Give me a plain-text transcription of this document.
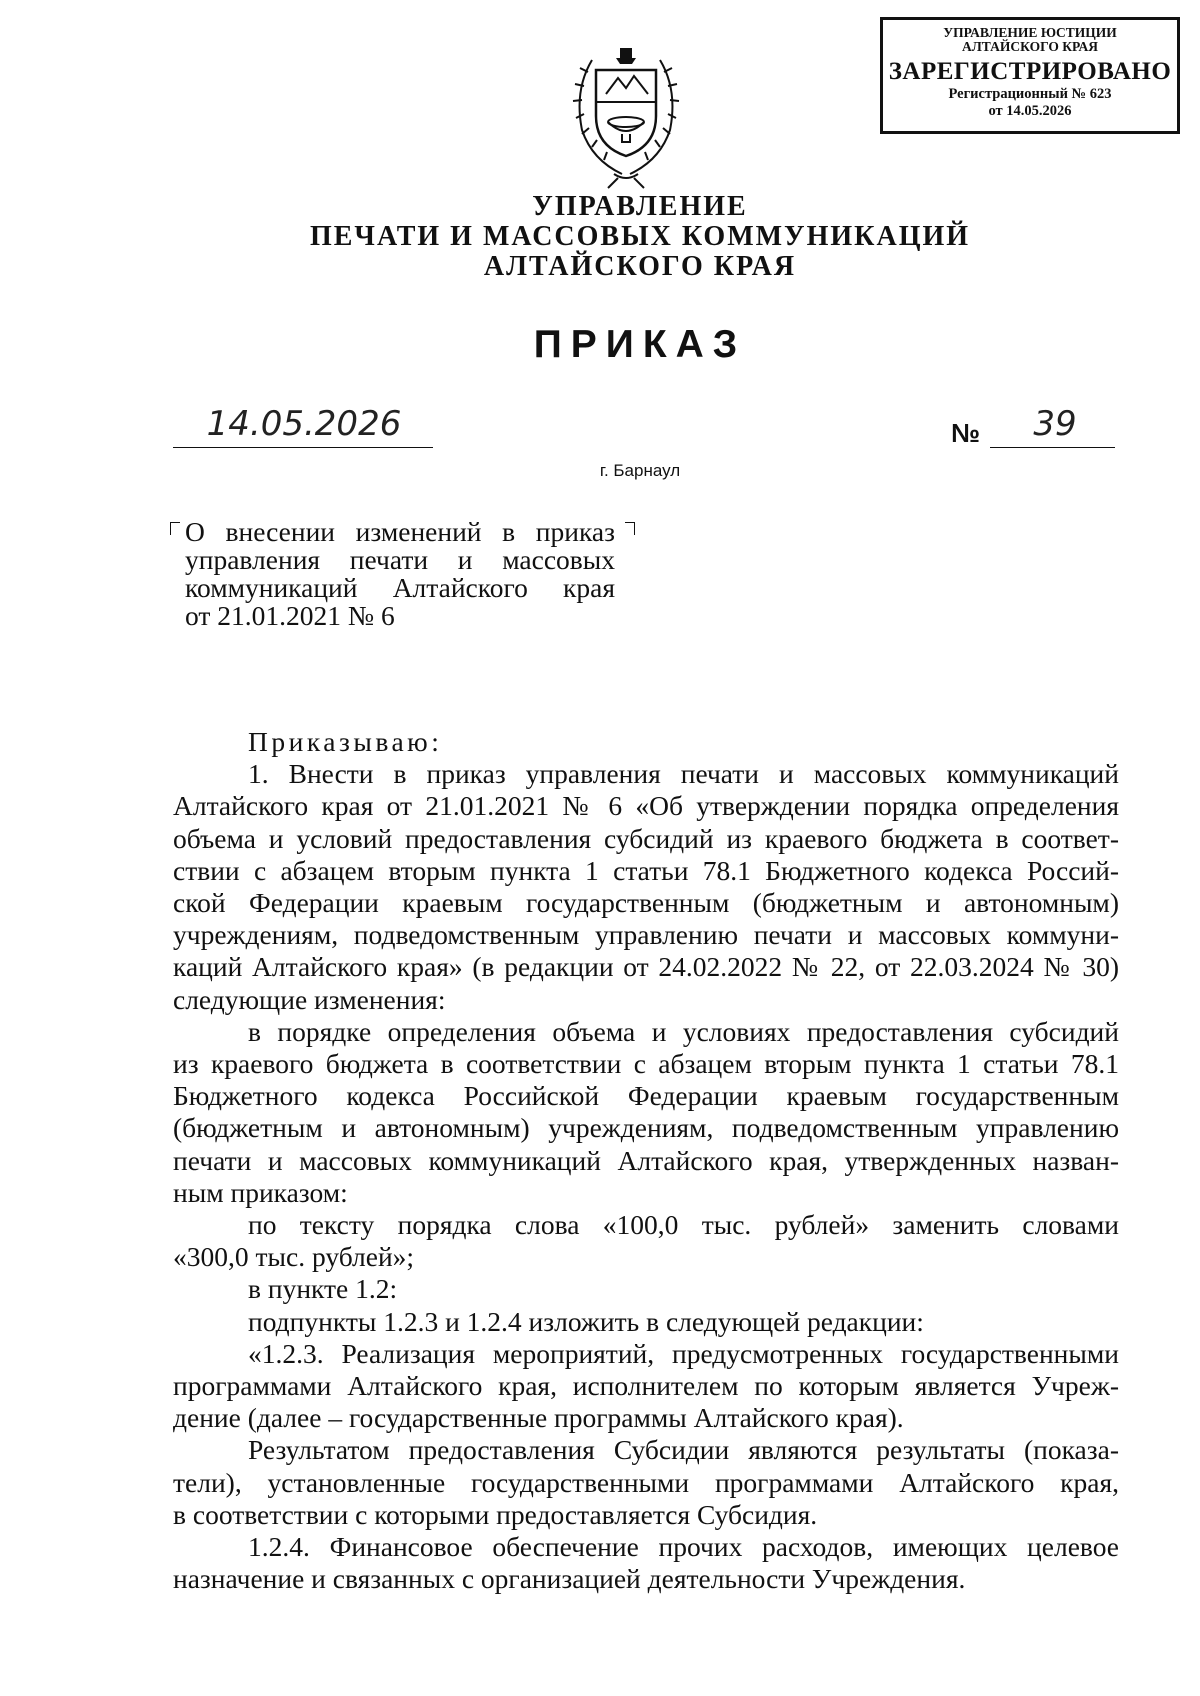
УПРАВЛЕНИЕ ЮСТИЦИИ
АЛТАЙСКОГО КРАЯ
ЗАРЕГИСТРИРОВАНО
Регистрационный № 623
от 14.05.2026
УПРАВЛЕНИЕ
ПЕЧАТИ И МАССОВЫХ КОММУНИКАЦИЙ
АЛТАЙСКОГО КРАЯ
ПРИКАЗ
14.05.2026	№	39
г. Барнаул
О внесении изменений в приказ
управления печати и массовых
коммуникаций Алтайского края
от 21.01.2021 № 6
Приказываю:
1. Внести в приказ управления печати и массовых коммуникаций
Алтайского края от 21.01.2021 № 6 «Об утверждении порядка определения
объема и условий предоставления субсидий из краевого бюджета в соответ-
ствии с абзацем вторым пункта 1 статьи 78.1 Бюджетного кодекса Россий-
ской Федерации краевым государственным (бюджетным и автономным)
учреждениям, подведомственным управлению печати и массовых коммуни-
каций Алтайского края» (в редакции от 24.02.2022 № 22, от 22.03.2024 № 30)
следующие изменения:
в порядке определения объема и условиях предоставления субсидий
из краевого бюджета в соответствии с абзацем вторым пункта 1 статьи 78.1
Бюджетного кодекса Российской Федерации краевым государственным
(бюджетным и автономным) учреждениям, подведомственным управлению
печати и массовых коммуникаций Алтайского края, утвержденных назван-
ным приказом:
по тексту порядка слова «100,0 тыс. рублей» заменить словами
«300,0 тыс. рублей»;
в пункте 1.2:
подпункты 1.2.3 и 1.2.4 изложить в следующей редакции:
«1.2.3. Реализация мероприятий, предусмотренных государственными
программами Алтайского края, исполнителем по которым является Учреж-
дение (далее – государственные программы Алтайского края).
Результатом предоставления Субсидии являются результаты (показа-
тели), установленные государственными программами Алтайского края,
в соответствии с которыми предоставляется Субсидия.
1.2.4. Финансовое обеспечение прочих расходов, имеющих целевое
назначение и связанных с организацией деятельности Учреждения.
